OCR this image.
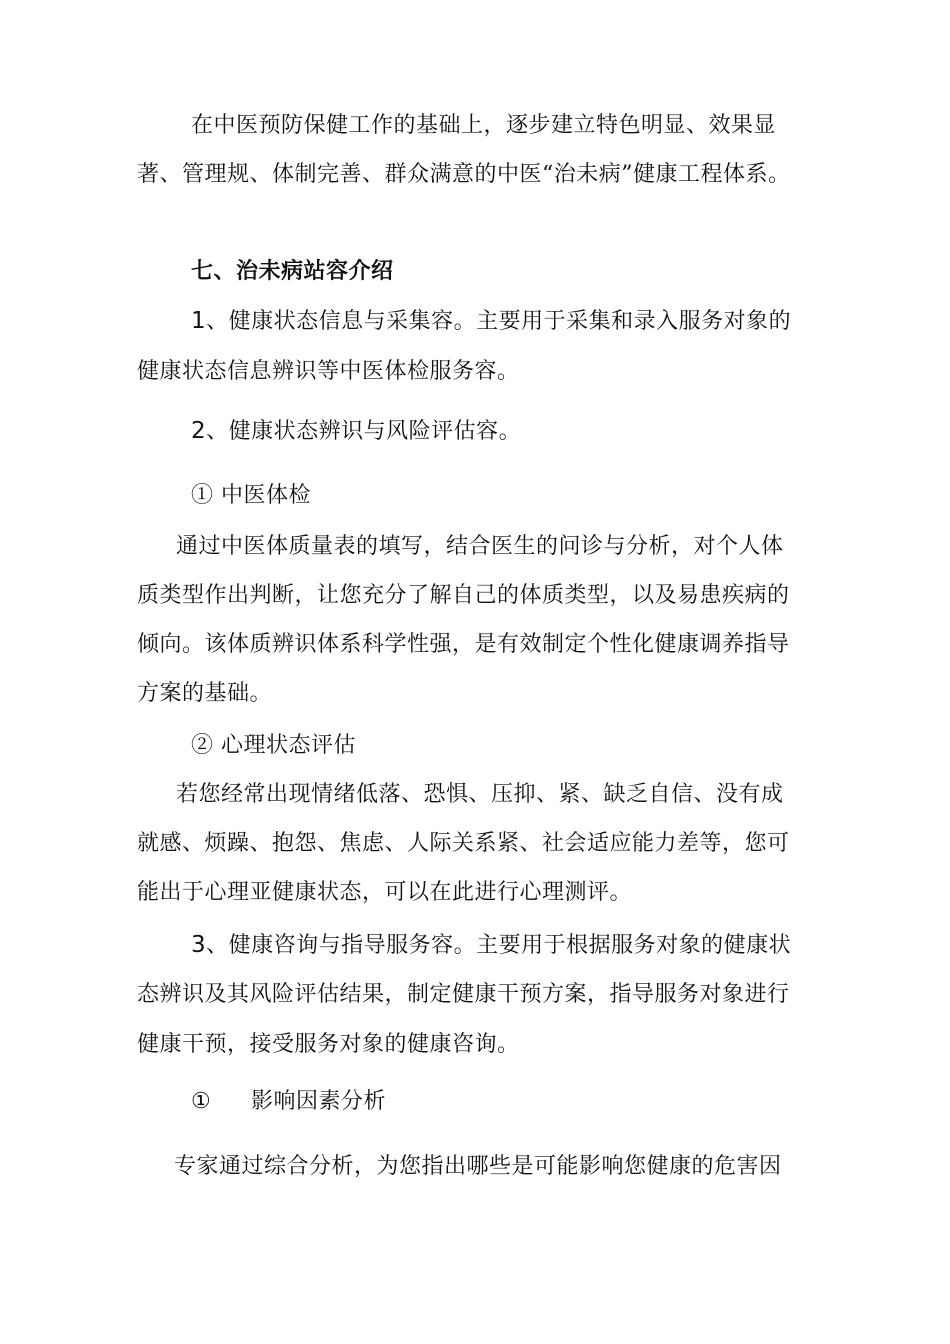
在中医预防保健工作的基础上，逐步建立特色明显、效果显
著、管理规、体制完善、群众满意的中医“治未病”健康工程体系。
七、治未病站容介绍
1、健康状态信息与采集容。主要用于采集和录入服务对象的
健康状态信息辨识等中医体检服务容。
2、健康状态辨识与风险评估容。
① 中医体检
通过中医体质量表的填写，结合医生的问诊与分析，对个人体
质类型作出判断，让您充分了解自己的体质类型，以及易患疾病的
倾向。该体质辨识体系科学性强，是有效制定个性化健康调养指导
方案的基础。
② 心理状态评估
若您经常出现情绪低落、恐惧、压抑、紧、缺乏自信、没有成
就感、烦躁、抱怨、焦虑、人际关系紧、社会适应能力差等，您可
能出于心理亚健康状态，可以在此进行心理测评。
3、健康咨询与指导服务容。主要用于根据服务对象的健康状
态辨识及其风险评估结果，制定健康干预方案，指导服务对象进行
健康干预，接受服务对象的健康咨询。
① 影响因素分析
专家通过综合分析，为您指出哪些是可能影响您健康的危害因
